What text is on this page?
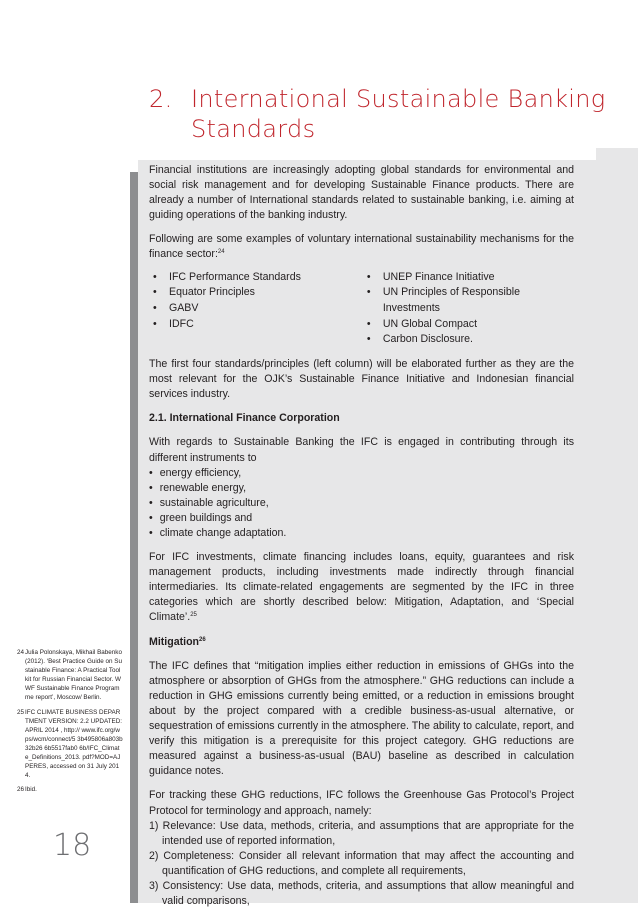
2. International Sustainable Banking
Standards

Financial institutions are increasingly adopting global standards for environmental and social risk management and for developing Sustainable Finance products. There are already a number of International standards related to sustainable banking, i.e. aiming at guiding operations of the banking industry.

Following are some examples of voluntary international sustainability mechanisms for the finance sector:$^{24}$

• IFC Performance Standards
• Equator Principles
• GABV
• IDFC
• UNEP Finance Initiative
• UN Principles of Responsible Investments
• UN Global Compact
• Carbon Disclosure.

The first four standards/principles (left column) will be elaborated further as they are the most relevant for the OJK’s Sustainable Finance Initiative and Indonesian financial services industry.

2.1. International Finance Corporation

With regards to Sustainable Banking the IFC is engaged in contributing through its different instruments to

• energy efficiency,
• renewable energy,
• sustainable agriculture,
• green buildings and
• climate change adaptation.

For IFC investments, climate financing includes loans, equity, guarantees and risk management products, including investments made indirectly through financial intermediaries. Its climate-related engagements are segmented by the IFC in three categories which are shortly described below: Mitigation, Adaptation, and ‘Special Climate’.$^{25}$

Mitigation$^{26}$

The IFC defines that “mitigation implies either reduction in emissions of GHGs into the atmosphere or absorption of GHGs from the atmosphere.” GHG reductions can include a reduction in GHG emissions currently being emitted, or a reduction in emissions brought about by the project compared with a credible business-as-usual alternative, or sequestration of emissions currently in the atmosphere. The ability to calculate, report, and verify this mitigation is a prerequisite for this project category. GHG reductions are measured against a business-as-usual (BAU) baseline as described in calculation guidance notes.

For tracking these GHG reductions, IFC follows the Greenhouse Gas Protocol’s Project Protocol for terminology and approach, namely:

1) Relevance: Use data, methods, criteria, and assumptions that are appropriate for the intended use of reported information,
2) Completeness: Consider all relevant information that may affect the accounting and quantification of GHG reductions, and complete all requirements,
3) Consistency: Use data, methods, criteria, and assumptions that allow meaningful and valid comparisons,
24 Julia Polonskaya, Mikhail Babenko (2012). ‘Best Practice Guide on Sustainable Finance: A Practical Toolkit for Russian Financial Sector. WWF Sustainable Finance Programme report’, Moscow/ Berlin.
25 IFC CLIMATE BUSINESS DEPARTMENT VERSION: 2.2 UPDATED: APRIL 2014 , http:// www.ifc.org/wps/wcm/connect/5 3b495806a803b32b26 6b5517fab0 6b/IFC_Climate_Definitions_2013. pdf?MOD=AJPERES, accessed on 31 July 2014.
26 Ibid.
18
